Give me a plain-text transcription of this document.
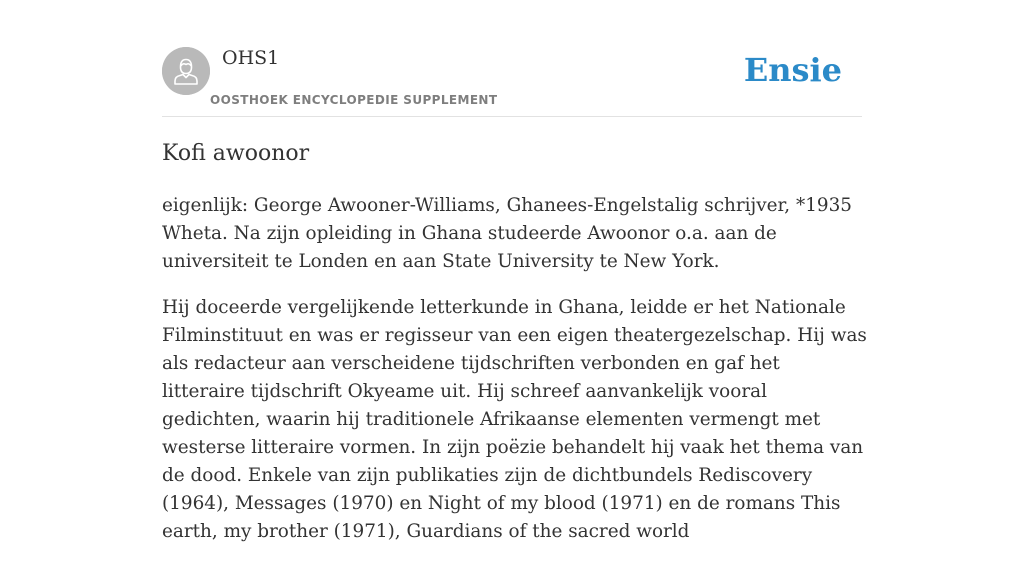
OHS1
OOSTHOEK ENCYCLOPEDIE SUPPLEMENT
Ensie
Kofi awoonor

eigenlijk: George Awooner-Williams, Ghanees-Engelstalig schrijver, *1935 Wheta. Na zijn opleiding in Ghana studeerde Awoonor o.a. aan de universiteit te Londen en aan State University te New York.

Hij doceerde vergelijkende letterkunde in Ghana, leidde er het Nationale Filminstituut en was er regisseur van een eigen theatergezelschap. Hij was als redacteur aan verscheidene tijdschriften verbonden en gaf het litteraire tijdschrift Okyeame uit. Hij schreef aanvankelijk vooral gedichten, waarin hij traditionele Afrikaanse elementen vermengt met westerse litteraire vormen. In zijn poëzie behandelt hij vaak het thema van de dood. Enkele van zijn publikaties zijn de dichtbundels Rediscovery (1964), Messages (1970) en Night of my blood (1971) en de romans This earth, my brother (1971), Guardians of the sacred world
